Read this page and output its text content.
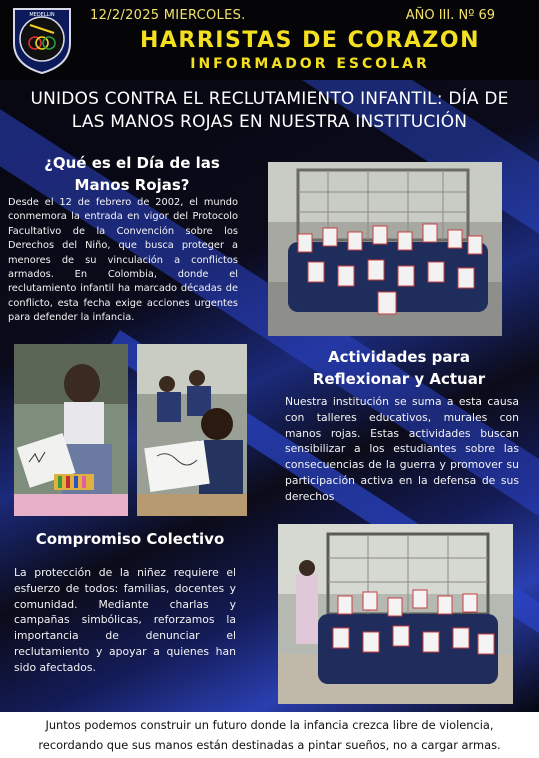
MEDELLIN	12/2/2025 MIERCOLES.	AÑO III. Nº 69
HARRISTAS DE CORAZON
INFORMADOR ESCOLAR
UNIDOS CONTRA EL RECLUTAMIENTO INFANTIL: DÍA DE
LAS MANOS ROJAS EN NUESTRA INSTITUCIÓN
¿Qué es el Día de las
Manos Rojas?

Desde el 12 de febrero de 2002, el mundo conmemora la entrada en vigor del Protocolo Facultativo de la Convención sobre los Derechos del Niño, que busca proteger a menores de su vinculación a conflictos armados. En Colombia, donde el reclutamiento infantil ha marcado décadas de conflicto, esta fecha exige acciones urgentes para defender la infancia.

Actividades para
Reflexionar y Actuar

Nuestra institución se suma a esta causa con talleres educativos, murales con manos rojas. Estas actividades buscan sensibilizar a los estudiantes sobre las consecuencias de la guerra y promover su participación activa en la defensa de sus derechos

Compromiso Colectivo

La protección de la niñez requiere el esfuerzo de todos: familias, docentes y comunidad. Mediante charlas y campañas simbólicas, reforzamos la importancia de denunciar el reclutamiento y apoyar a quienes han sido afectados.

Juntos podemos construir un futuro donde la infancia crezca libre de violencia,
recordando que sus manos están destinadas a pintar sueños, no a cargar armas.
